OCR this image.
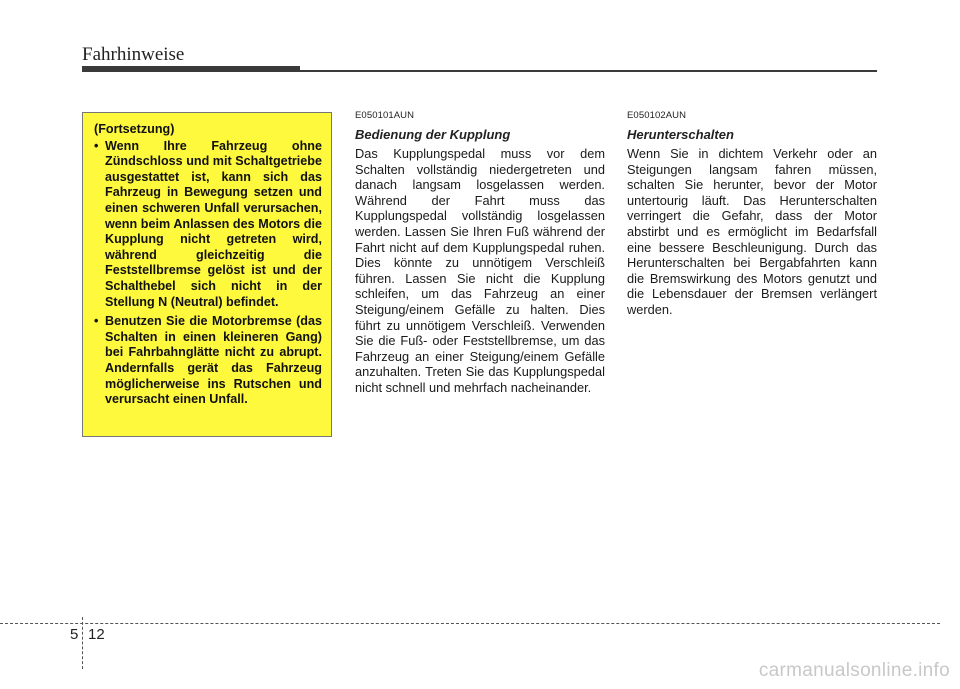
Fahrhinweise
(Fortsetzung)
• Wenn Ihre Fahrzeug ohne Zündschloss und mit Schaltgetriebe ausgestattet ist, kann sich das Fahrzeug in Bewegung setzen und einen schweren Unfall verursachen, wenn beim Anlassen des Motors die Kupplung nicht getreten wird, während gleichzeitig die Feststellbremse gelöst ist und der Schalthebel sich nicht in der Stellung N (Neutral) befindet.
• Benutzen Sie die Motorbremse (das Schalten in einen kleineren Gang) bei Fahrbahnglätte nicht zu abrupt. Andernfalls gerät das Fahrzeug möglicherweise ins Rutschen und verursacht einen Unfall.
E050101AUN
Bedienung der Kupplung
Das Kupplungspedal muss vor dem Schalten vollständig niedergetreten und danach langsam losgelassen werden. Während der Fahrt muss das Kupplungspedal vollständig losgelassen werden. Lassen Sie Ihren Fuß während der Fahrt nicht auf dem Kupplungspedal ruhen. Dies könnte zu unnötigem Verschleiß führen. Lassen Sie nicht die Kupplung schleifen, um das Fahrzeug an einer Steigung/einem Gefälle zu halten. Dies führt zu unnötigem Verschleiß. Verwenden Sie die Fuß- oder Feststellbremse, um das Fahrzeug an einer Steigung/einem Gefälle anzuhalten. Treten Sie das Kupplungspedal nicht schnell und mehrfach nacheinander.
E050102AUN
Herunterschalten
Wenn Sie in dichtem Verkehr oder an Steigungen langsam fahren müssen, schalten Sie herunter, bevor der Motor untertourig läuft. Das Herunterschalten verringert die Gefahr, dass der Motor abstirbt und es ermöglicht im Bedarfsfall eine bessere Beschleunigung. Durch das Herunterschalten bei Bergabfahrten kann die Bremswirkung des Motors genutzt und die Lebensdauer der Bremsen verlängert werden.
5 12
carmanualsonline.info
